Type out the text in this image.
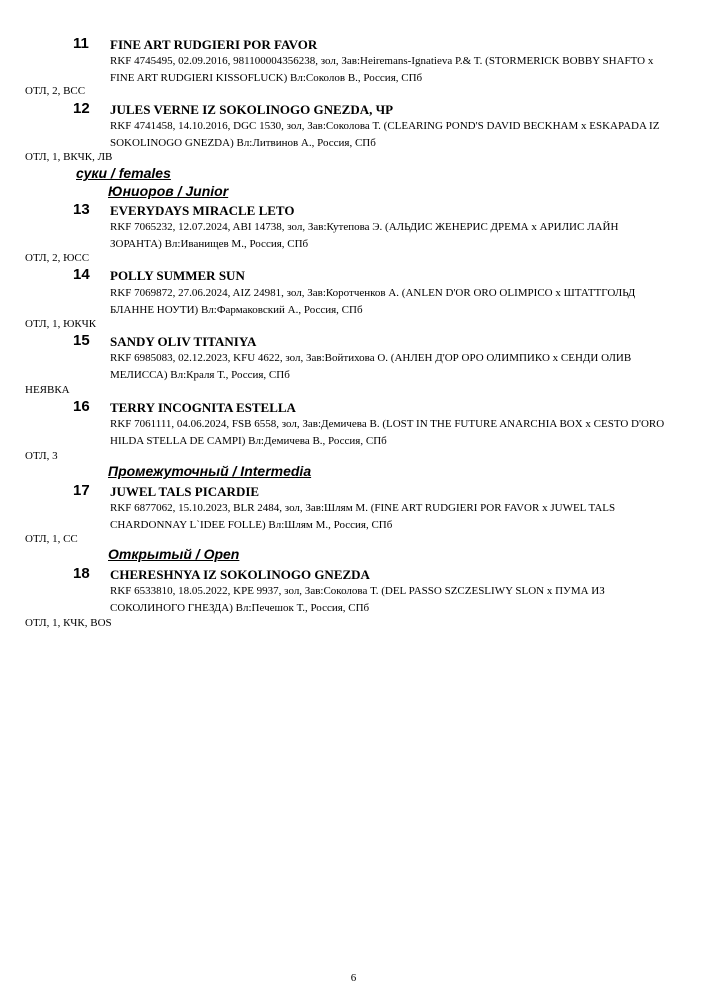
11 FINE ART RUDGIERI POR FAVOR
RKF 4745495, 02.09.2016, 981100004356238, зол, Зав:Heiremans-Ignatieva P.& T. (STORMERICK BOBBY SHAFTO x FINE ART RUDGIERI KISSOFLUCK) Вл:Соколов В., Россия, СПб
ОТЛ, 2, ВСС
12 JULES VERNE IZ SOKOLINOGO GNEZDA, ЧР
RKF 4741458, 14.10.2016, DGC 1530, зол, Зав:Соколова Т. (CLEARING POND'S DAVID BECKHAM x ESKAPADA IZ SOKOLINOGO GNEZDA) Вл:Литвинов А., Россия, СПб
ОТЛ, 1, ВКЧК, ЛВ
суки / females
Юниоров / Junior
13 EVERYDAYS MIRACLE LETO
RKF 7065232, 12.07.2024, ABI 14738, зол, Зав:Кутепова Э. (АЛЬДИС ЖЕНЕРИС ДРЕМА x АРИЛИС ЛАЙН ЗОРАНТА) Вл:Иванищев М., Россия, СПб
ОТЛ, 2, ЮСС
14 POLLY SUMMER SUN
RKF 7069872, 27.06.2024, AIZ 24981, зол, Зав:Коротченков А. (ANLEN D'OR ORO OLIMPICO x ШТАТТГОЛЬД БЛАННЕ НОУТИ) Вл:Фармаковский А., Россия, СПб
ОТЛ, 1, ЮКЧК
15 SANDY OLIV TITANIYA
RKF 6985083, 02.12.2023, KFU 4622, зол, Зав:Войтихова О. (АНЛЕН Д'ОР ОРО ОЛИМПИКО x СЕНДИ ОЛИВ МЕЛИССА) Вл:Краля Т., Россия, СПб
НЕЯВКА
16 TERRY INCOGNITA ESTELLA
RKF 7061111, 04.06.2024, FSB 6558, зол, Зав:Демичева В. (LOST IN THE FUTURE ANARCHIA BOX x CESTO D'ORO HILDA STELLA DE CAMPI) Вл:Демичева В., Россия, СПб
ОТЛ, 3
Промежуточный / Intermedia
17 JUWEL TALS PICARDIE
RKF 6877062, 15.10.2023, BLR 2484, зол, Зав:Шлям М. (FINE ART RUDGIERI POR FAVOR x JUWEL TALS CHARDONNAY L`IDEE FOLLE) Вл:Шлям М., Россия, СПб
ОТЛ, 1, СС
Открытый / Open
18 CHERESHNYA IZ SOKOLINOGO GNEZDA
RKF 6533810, 18.05.2022, KPE 9937, зол, Зав:Соколова Т. (DEL PASSO SZCZESLIWY SLON x ПУМА ИЗ СОКОЛИНОГО ГНЕЗДА) Вл:Печешок Т., Россия, СПб
ОТЛ, 1, КЧК, BOS
6
